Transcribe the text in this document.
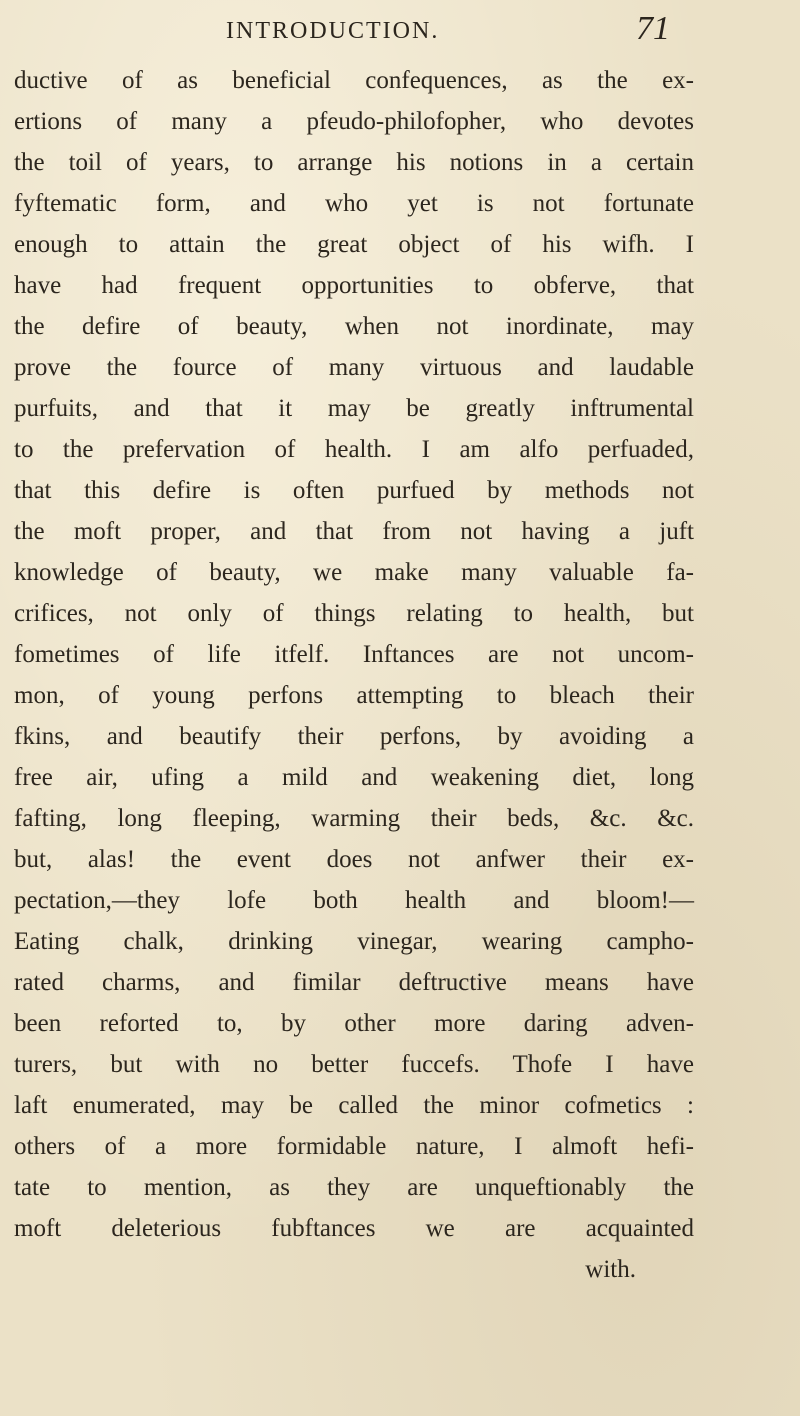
INTRODUCTION.	71
ductive of as beneficial confequences, as the ex-
ertions of many a pfeudo-philofopher, who devotes
the toil of years, to arrange his notions in a certain
fyftematic form, and who yet is not fortunate
enough to attain the great object of his wifh. I
have had frequent opportunities to obferve, that
the defire of beauty, when not inordinate, may
prove the fource of many virtuous and laudable
purfuits, and that it may be greatly inftrumental
to the prefervation of health. I am alfo perfuaded,
that this defire is often purfued by methods not
the moft proper, and that from not having a juft
knowledge of beauty, we make many valuable fa-
crifices, not only of things relating to health, but
fometimes of life itfelf. Inftances are not uncom-
mon, of young perfons attempting to bleach their
fkins, and beautify their perfons, by avoiding a
free air, ufing a mild and weakening diet, long
fafting, long fleeping, warming their beds, &c. &c.
but, alas! the event does not anfwer their ex-
pectation,—they lofe both health and bloom!—
Eating chalk, drinking vinegar, wearing campho-
rated charms, and fimilar deftructive means have
been reforted to, by other more daring adven-
turers, but with no better fuccefs. Thofe I have
laft enumerated, may be called the minor cofmetics :
others of a more formidable nature, I almoft hefi-
tate to mention, as they are unqueftionably the
moft deleterious fubftances we are acquainted
with.
